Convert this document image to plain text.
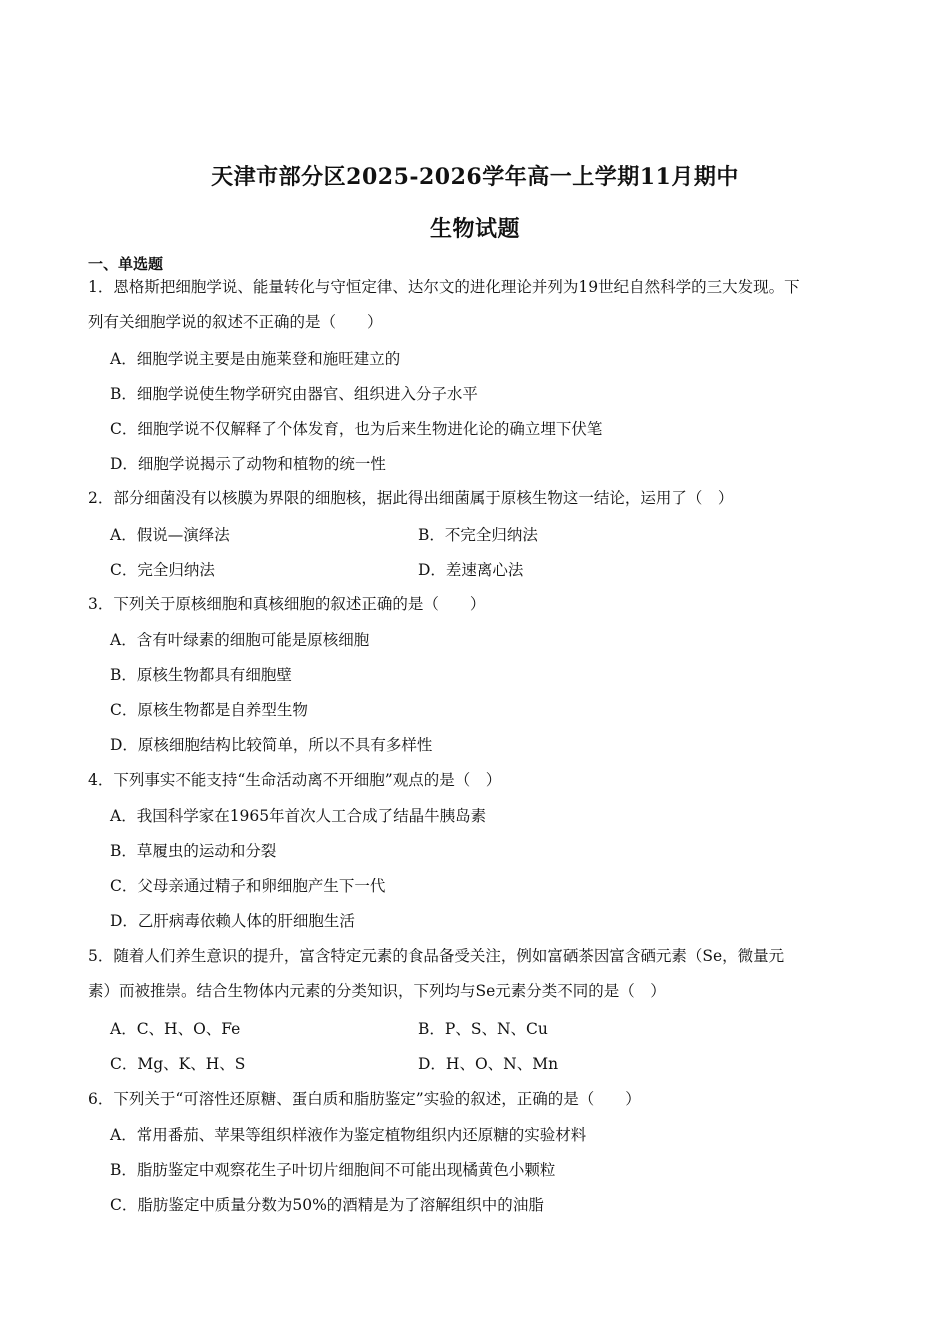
天津市部分区2025-2026学年高一上学期11月期中
生物试题
一、单选题
1．恩格斯把细胞学说、能量转化与守恒定律、达尔文的进化理论并列为19世纪自然科学的三大发现。下
列有关细胞学说的叙述不正确的是（　　）
A．细胞学说主要是由施莱登和施旺建立的
B．细胞学说使生物学研究由器官、组织进入分子水平
C．细胞学说不仅解释了个体发育，也为后来生物进化论的确立埋下伏笔
D．细胞学说揭示了动物和植物的统一性
2．部分细菌没有以核膜为界限的细胞核，据此得出细菌属于原核生物这一结论，运用了（　）
A．假说—演绎法	B．不完全归纳法
C．完全归纳法	D．差速离心法
3．下列关于原核细胞和真核细胞的叙述正确的是（　　）
A．含有叶绿素的细胞可能是原核细胞
B．原核生物都具有细胞壁
C．原核生物都是自养型生物
D．原核细胞结构比较简单，所以不具有多样性
4．下列事实不能支持“生命活动离不开细胞”观点的是（　）
A．我国科学家在1965年首次人工合成了结晶牛胰岛素
B．草履虫的运动和分裂
C．父母亲通过精子和卵细胞产生下一代
D．乙肝病毒依赖人体的肝细胞生活
5．随着人们养生意识的提升，富含特定元素的食品备受关注，例如富硒茶因富含硒元素（Se，微量元
素）而被推崇。结合生物体内元素的分类知识，下列均与Se元素分类不同的是（　）
A．C、H、O、Fe	B．P、S、N、Cu
C．Mg、K、H、S	D．H、O、N、Mn
6．下列关于“可溶性还原糖、蛋白质和脂肪鉴定”实验的叙述，正确的是（　　）
A．常用番茄、苹果等组织样液作为鉴定植物组织内还原糖的实验材料
B．脂肪鉴定中观察花生子叶切片细胞间不可能出现橘黄色小颗粒
C．脂肪鉴定中质量分数为50%的酒精是为了溶解组织中的油脂
